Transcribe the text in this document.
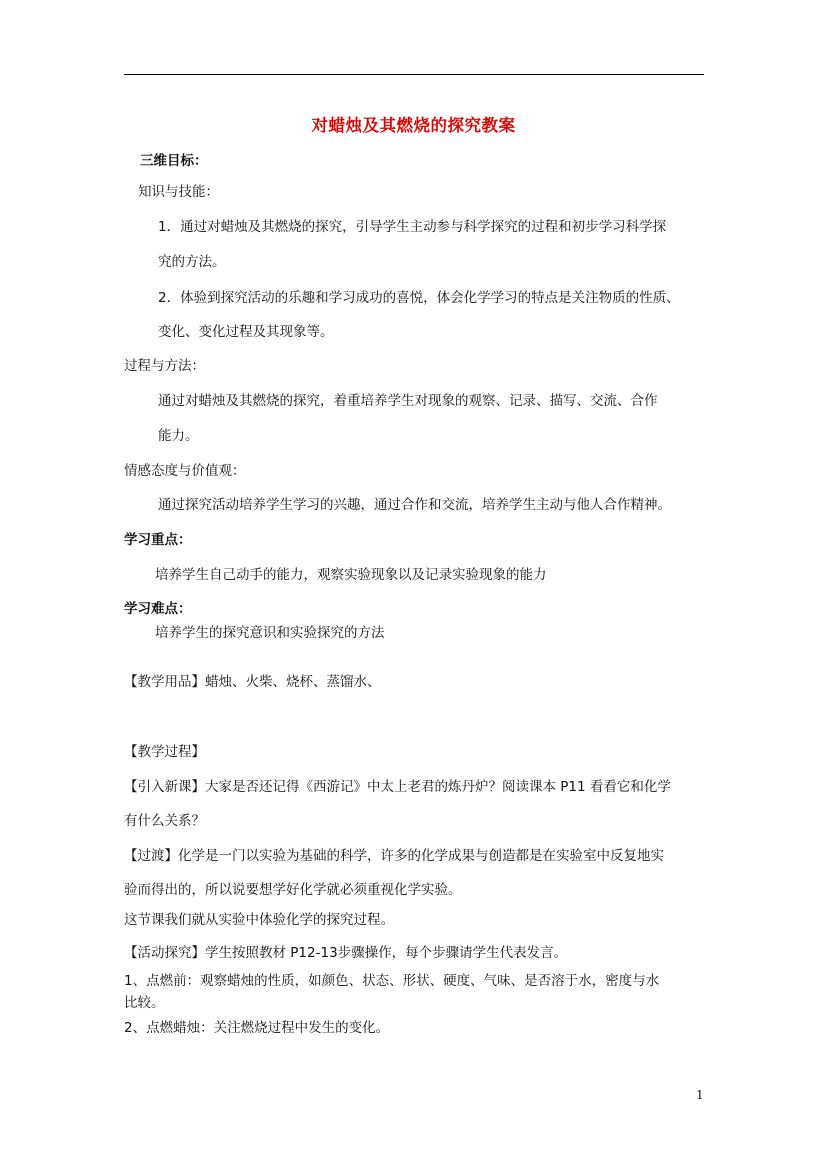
对蜡烛及其燃烧的探究教案
三维目标：
知识与技能：
1．通过对蜡烛及其燃烧的探究，引导学生主动参与科学探究的过程和初步学习科学探
究的方法。
2．体验到探究活动的乐趣和学习成功的喜悦，体会化学学习的特点是关注物质的性质、
变化、变化过程及其现象等。
过程与方法：
通过对蜡烛及其燃烧的探究，着重培养学生对现象的观察、记录、描写、交流、合作
能力。
情感态度与价值观：
通过探究活动培养学生学习的兴趣，通过合作和交流，培养学生主动与他人合作精神。
学习重点：
培养学生自己动手的能力，观察实验现象以及记录实验现象的能力
学习难点：
培养学生的探究意识和实验探究的方法
【教学用品】蜡烛、火柴、烧杯、蒸馏水、
【教学过程】
【引入新课】大家是否还记得《西游记》中太上老君的炼丹炉？阅读课本 P11 看看它和化学
有什么关系？
【过渡】化学是一门以实验为基础的科学，许多的化学成果与创造都是在实验室中反复地实
验而得出的，所以说要想学好化学就必须重视化学实验。
这节课我们就从实验中体验化学的探究过程。
【活动探究】学生按照教材 P12-13步骤操作，每个步骤请学生代表发言。
1、点燃前：观察蜡烛的性质，如颜色、状态、形状、硬度、气味、是否溶于水，密度与水
比较。
2、点燃蜡烛：关注燃烧过程中发生的变化。
1
